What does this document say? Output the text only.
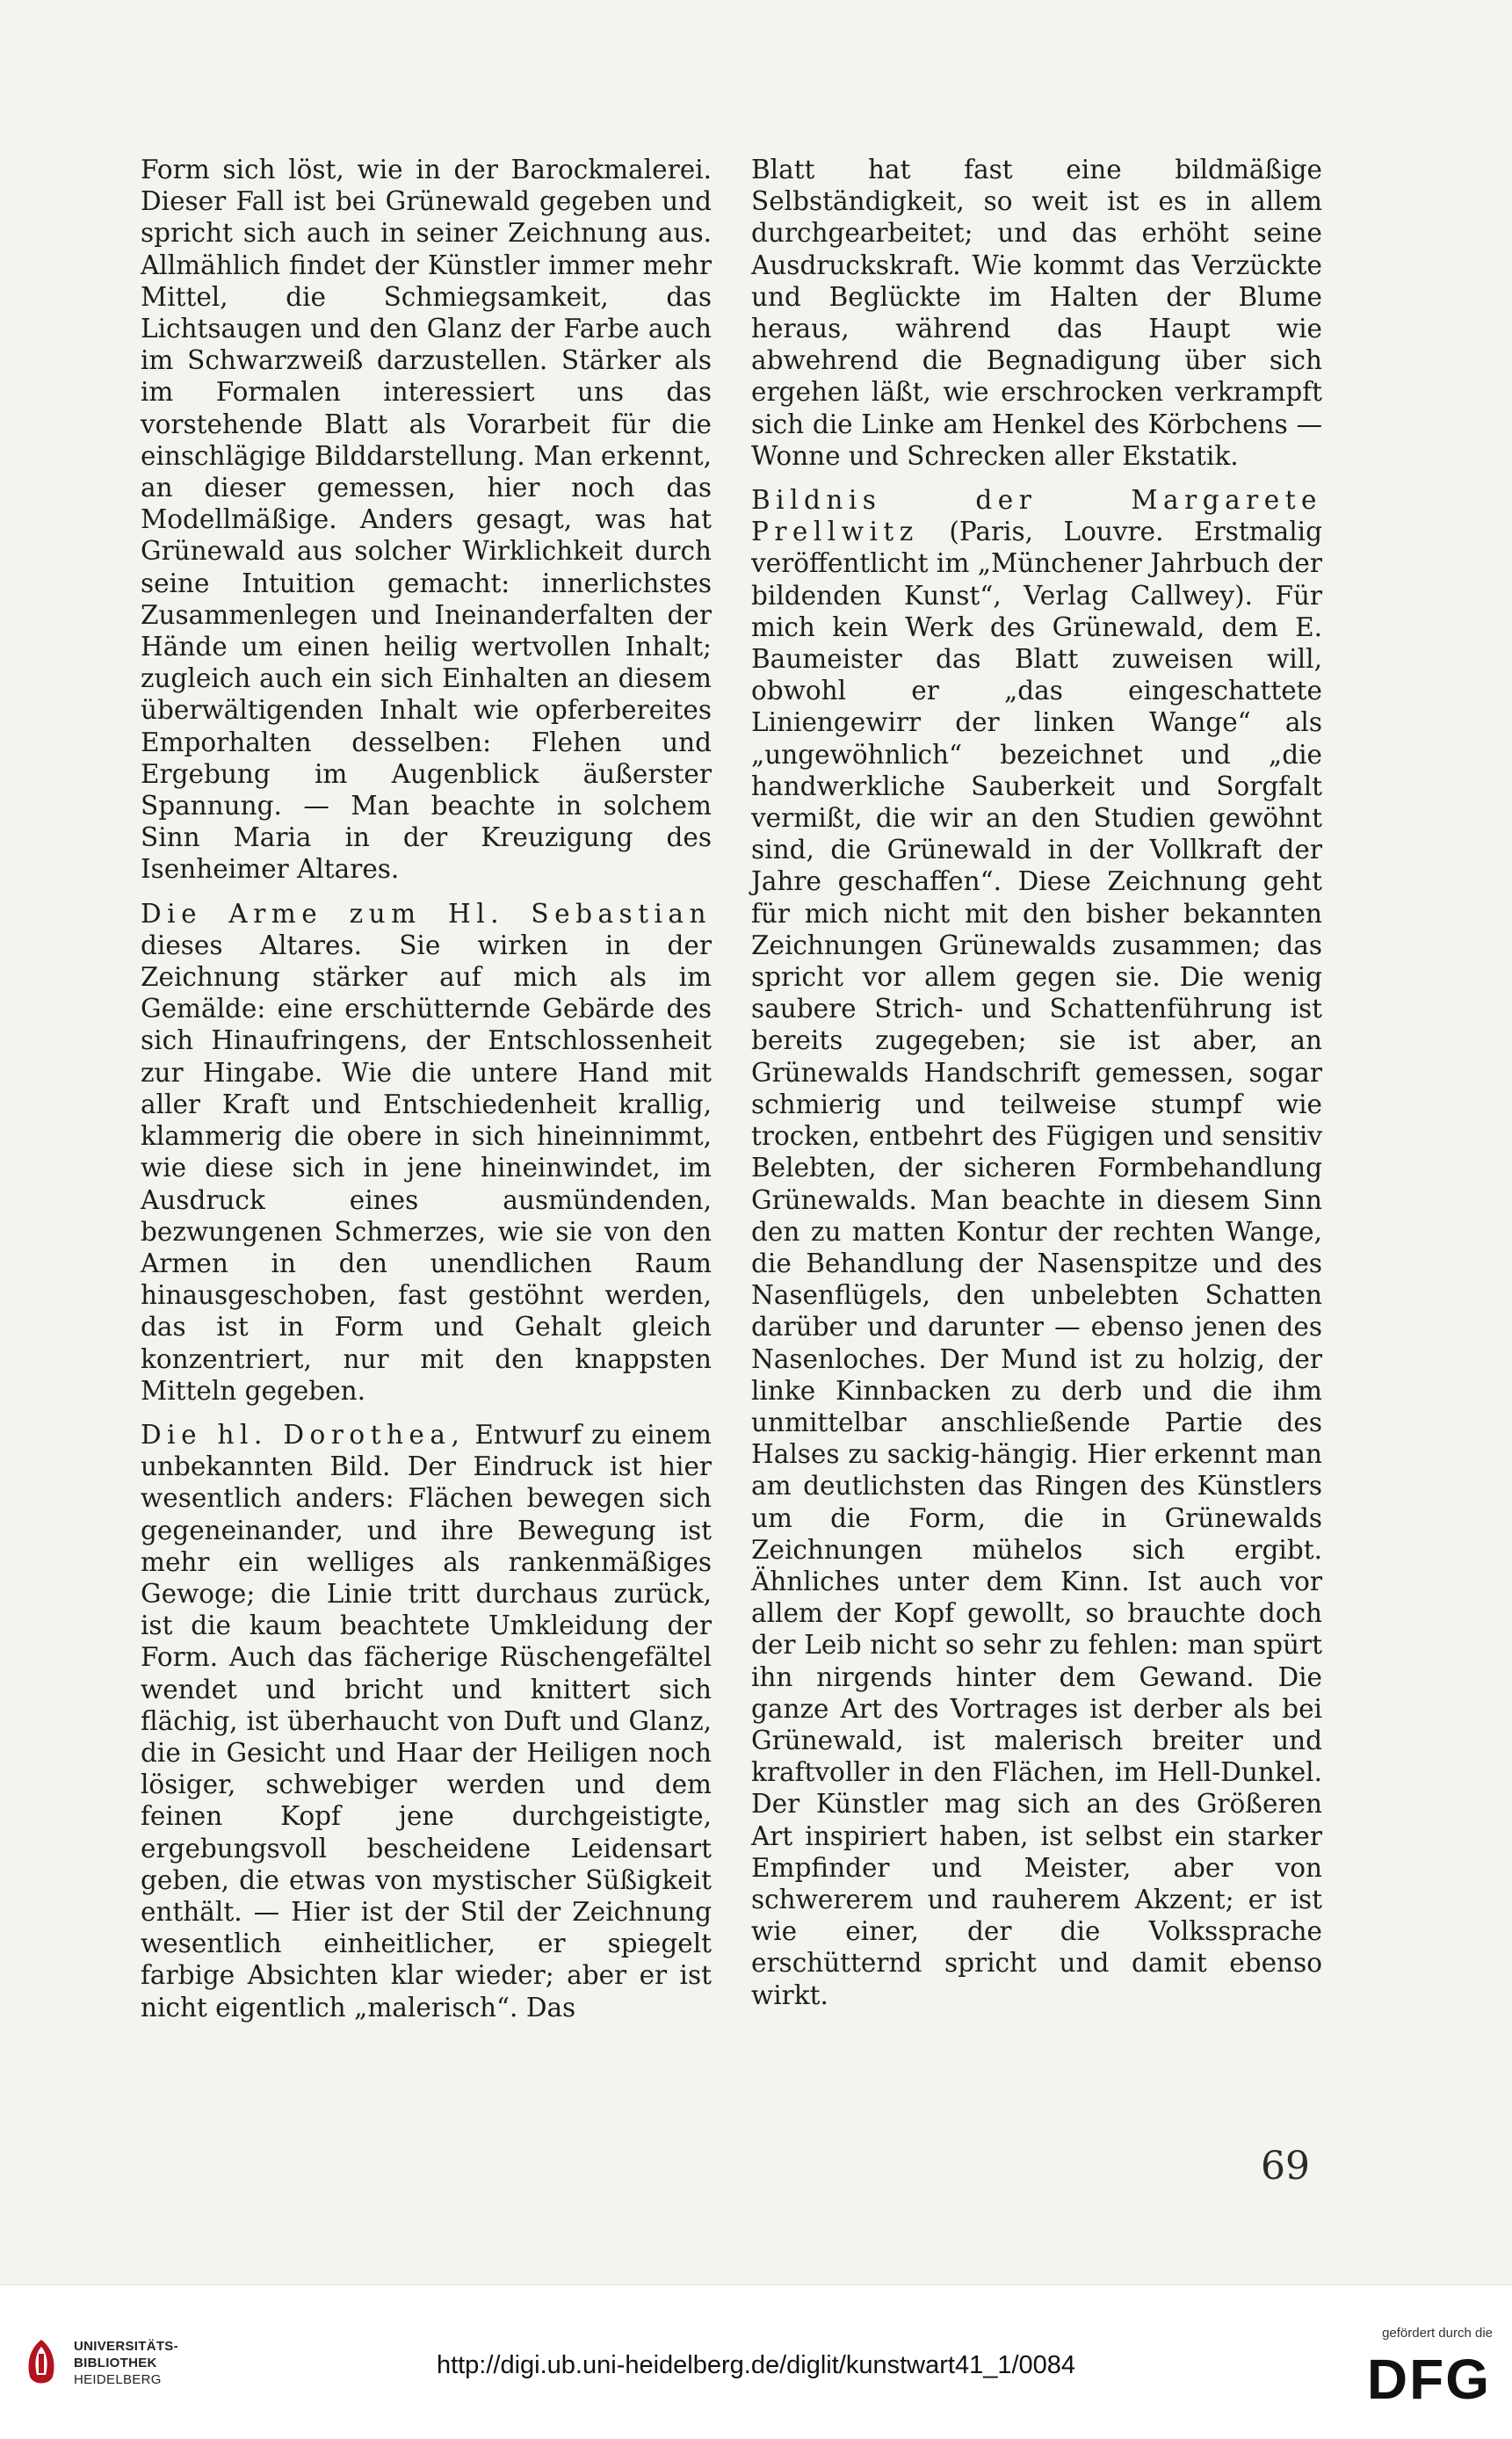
Form sich löst, wie in der Barockmalerei. Dieser Fall ist bei Grünewald gegeben und spricht sich auch in seiner Zeichnung aus. Allmählich findet der Künstler immer mehr Mittel, die Schmiegsamkeit, das Lichtsaugen und den Glanz der Farbe auch im Schwarzweiß darzustellen. Stärker als im Formalen interessiert uns das vorstehende Blatt als Vorarbeit für die einschlägige Bilddarstellung. Man erkennt, an dieser gemessen, hier noch das Modellmäßige. Anders gesagt, was hat Grünewald aus solcher Wirklichkeit durch seine Intuition gemacht: innerlichstes Zusammenlegen und Ineinanderfalten der Hände um einen heilig wertvollen Inhalt; zugleich auch ein sich Einhalten an diesem überwältigenden Inhalt wie opferbereites Emporhalten desselben: Flehen und Ergebung im Augenblick äußerster Spannung. — Man beachte in solchem Sinn Maria in der Kreuzigung des Isenheimer Altares.

Die Arme zum Hl. Sebastian dieses Altares. Sie wirken in der Zeichnung stärker auf mich als im Gemälde: eine erschütternde Gebärde des sich Hinaufringens, der Entschlossenheit zur Hingabe. Wie die untere Hand mit aller Kraft und Entschiedenheit krallig, klammerig die obere in sich hineinnimmt, wie diese sich in jene hineinwindet, im Ausdruck eines ausmündenden, bezwungenen Schmerzes, wie sie von den Armen in den unendlichen Raum hinausgeschoben, fast gestöhnt werden, das ist in Form und Gehalt gleich konzentriert, nur mit den knappsten Mitteln gegeben.

Die hl. Dorothea, Entwurf zu einem unbekannten Bild. Der Eindruck ist hier wesentlich anders: Flächen bewegen sich gegeneinander, und ihre Bewegung ist mehr ein welliges als rankenmäßiges Gewoge; die Linie tritt durchaus zurück, ist die kaum beachtete Umkleidung der Form. Auch das fächerige Rüschengefältel wendet und bricht und knittert sich flächig, ist überhaucht von Duft und Glanz, die in Gesicht und Haar der Heiligen noch lösiger, schwebiger werden und dem feinen Kopf jene durchgeistigte, ergebungsvoll bescheidene Leidensart geben, die etwas von mystischer Süßigkeit enthält. — Hier ist der Stil der Zeichnung wesentlich einheitlicher, er spiegelt farbige Absichten klar wieder; aber er ist nicht eigentlich „malerisch“. Das

Blatt hat fast eine bildmäßige Selbständigkeit, so weit ist es in allem durchgearbeitet; und das erhöht seine Ausdruckskraft. Wie kommt das Verzückte und Beglückte im Halten der Blume heraus, während das Haupt wie abwehrend die Begnadigung über sich ergehen läßt, wie erschrocken verkrampft sich die Linke am Henkel des Körbchens — Wonne und Schrecken aller Ekstatik.

Bildnis der Margarete Prellwitz (Paris, Louvre. Erstmalig veröffentlicht im „Münchener Jahrbuch der bildenden Kunst“, Verlag Callwey). Für mich kein Werk des Grünewald, dem E. Baumeister das Blatt zuweisen will, obwohl er „das eingeschattete Liniengewirr der linken Wange“ als „ungewöhnlich“ bezeichnet und „die handwerkliche Sauberkeit und Sorgfalt vermißt, die wir an den Studien gewöhnt sind, die Grünewald in der Vollkraft der Jahre geschaffen“. Diese Zeichnung geht für mich nicht mit den bisher bekannten Zeichnungen Grünewalds zusammen; das spricht vor allem gegen sie. Die wenig saubere Strich- und Schattenführung ist bereits zugegeben; sie ist aber, an Grünewalds Handschrift gemessen, sogar schmierig und teilweise stumpf wie trocken, entbehrt des Fügigen und sensitiv Belebten, der sicheren Formbehandlung Grünewalds. Man beachte in diesem Sinn den zu matten Kontur der rechten Wange, die Behandlung der Nasenspitze und des Nasenflügels, den unbelebten Schatten darüber und darunter — ebenso jenen des Nasenloches. Der Mund ist zu holzig, der linke Kinnbacken zu derb und die ihm unmittelbar anschließende Partie des Halses zu sackig-hängig. Hier erkennt man am deutlichsten das Ringen des Künstlers um die Form, die in Grünewalds Zeichnungen mühelos sich ergibt. Ähnliches unter dem Kinn. Ist auch vor allem der Kopf gewollt, so brauchte doch der Leib nicht so sehr zu fehlen: man spürt ihn nirgends hinter dem Gewand. Die ganze Art des Vortrages ist derber als bei Grünewald, ist malerisch breiter und kraftvoller in den Flächen, im Hell-Dunkel. Der Künstler mag sich an des Größeren Art inspiriert haben, ist selbst ein starker Empfinder und Meister, aber von schwererem und rauherem Akzent; er ist wie einer, der die Volkssprache erschütternd spricht und damit ebenso wirkt.

69
UNIVERSITÄTS-
BIBLIOTHEK
HEIDELBERG
http://digi.ub.uni-heidelberg.de/diglit/kunstwart41_1/0084
gefördert durch die
DFG
